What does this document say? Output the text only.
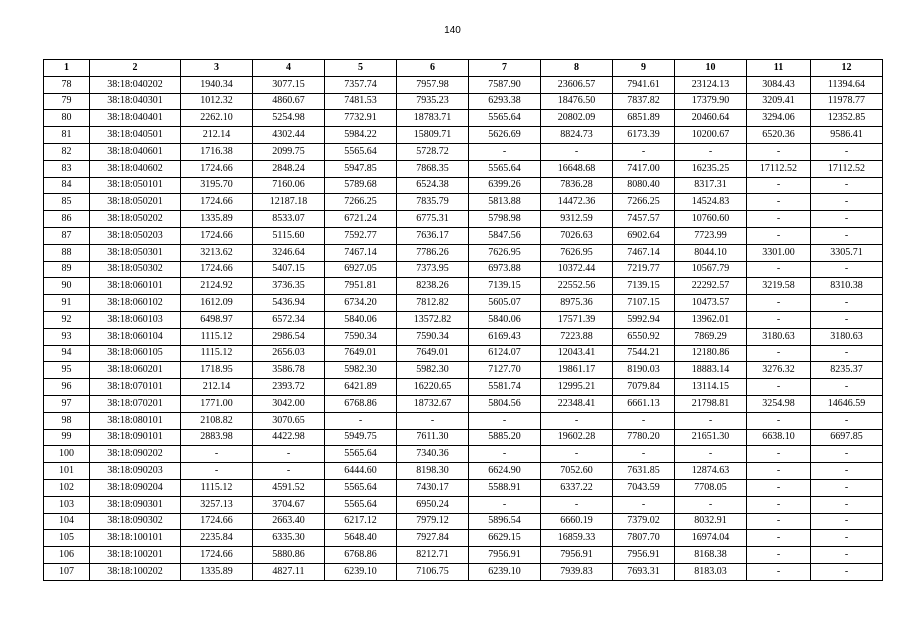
140
1	2	3	4	5	6	7	8	9	10	11	12
78	38:18:040202	1940.34	3077.15	7357.74	7957.98	7587.90	23606.57	7941.61	23124.13	3084.43	11394.64
79	38:18:040301	1012.32	4860.67	7481.53	7935.23	6293.38	18476.50	7837.82	17379.90	3209.41	11978.77
80	38:18:040401	2262.10	5254.98	7732.91	18783.71	5565.64	20802.09	6851.89	20460.64	3294.06	12352.85
81	38:18:040501	212.14	4302.44	5984.22	15809.71	5626.69	8824.73	6173.39	10200.67	6520.36	9586.41
82	38:18:040601	1716.38	2099.75	5565.64	5728.72	-	-	-	-	-	-
83	38:18:040602	1724.66	2848.24	5947.85	7868.35	5565.64	16648.68	7417.00	16235.25	17112.52	17112.52
84	38:18:050101	3195.70	7160.06	5789.68	6524.38	6399.26	7836.28	8080.40	8317.31	-	-
85	38:18:050201	1724.66	12187.18	7266.25	7835.79	5813.88	14472.36	7266.25	14524.83	-	-
86	38:18:050202	1335.89	8533.07	6721.24	6775.31	5798.98	9312.59	7457.57	10760.60	-	-
87	38:18:050203	1724.66	5115.60	7592.77	7636.17	5847.56	7026.63	6902.64	7723.99	-	-
88	38:18:050301	3213.62	3246.64	7467.14	7786.26	7626.95	7626.95	7467.14	8044.10	3301.00	3305.71
89	38:18:050302	1724.66	5407.15	6927.05	7373.95	6973.88	10372.44	7219.77	10567.79	-	-
90	38:18:060101	2124.92	3736.35	7951.81	8238.26	7139.15	22552.56	7139.15	22292.57	3219.58	8310.38
91	38:18:060102	1612.09	5436.94	6734.20	7812.82	5605.07	8975.36	7107.15	10473.57	-	-
92	38:18:060103	6498.97	6572.34	5840.06	13572.82	5840.06	17571.39	5992.94	13962.01	-	-
93	38:18:060104	1115.12	2986.54	7590.34	7590.34	6169.43	7223.88	6550.92	7869.29	3180.63	3180.63
94	38:18:060105	1115.12	2656.03	7649.01	7649.01	6124.07	12043.41	7544.21	12180.86	-	-
95	38:18:060201	1718.95	3586.78	5982.30	5982.30	7127.70	19861.17	8190.03	18883.14	3276.32	8235.37
96	38:18:070101	212.14	2393.72	6421.89	16220.65	5581.74	12995.21	7079.84	13114.15	-	-
97	38:18:070201	1771.00	3042.00	6768.86	18732.67	5804.56	22348.41	6661.13	21798.81	3254.98	14646.59
98	38:18:080101	2108.82	3070.65	-	-	-	-	-	-	-	-
99	38:18:090101	2883.98	4422.98	5949.75	7611.30	5885.20	19602.28	7780.20	21651.30	6638.10	6697.85
100	38:18:090202	-	-	5565.64	7340.36	-	-	-	-	-	-
101	38:18:090203	-	-	6444.60	8198.30	6624.90	7052.60	7631.85	12874.63	-	-
102	38:18:090204	1115.12	4591.52	5565.64	7430.17	5588.91	6337.22	7043.59	7708.05	-	-
103	38:18:090301	3257.13	3704.67	5565.64	6950.24	-	-	-	-	-	-
104	38:18:090302	1724.66	2663.40	6217.12	7979.12	5896.54	6660.19	7379.02	8032.91	-	-
105	38:18:100101	2235.84	6335.30	5648.40	7927.84	6629.15	16859.33	7807.70	16974.04	-	-
106	38:18:100201	1724.66	5880.86	6768.86	8212.71	7956.91	7956.91	7956.91	8168.38	-	-
107	38:18:100202	1335.89	4827.11	6239.10	7106.75	6239.10	7939.83	7693.31	8183.03	-	-
